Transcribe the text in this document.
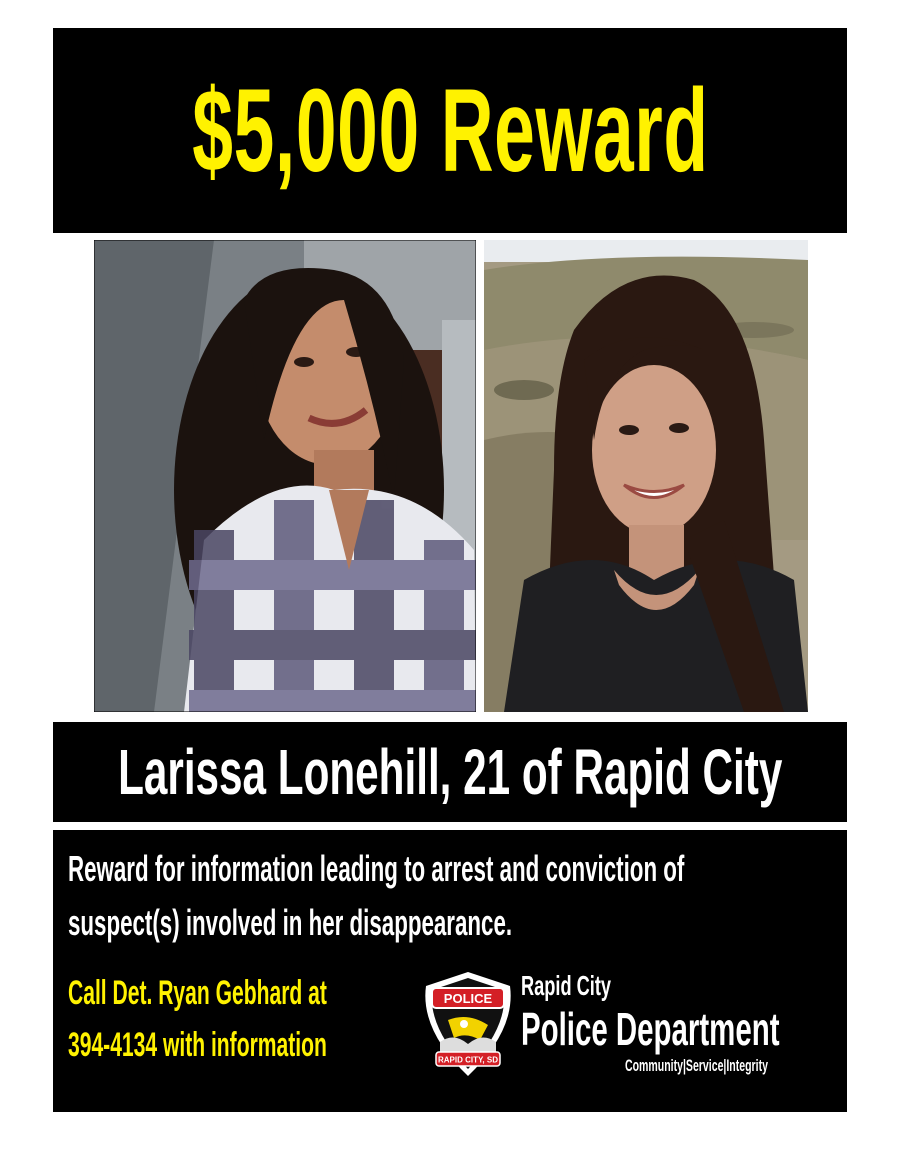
$5,000 Reward
Larissa Lonehill, 21 of Rapid City
Reward for information leading to arrest and conviction of
suspect(s) involved in her disappearance.
Call Det. Ryan Gebhard at
394-4134 with information
POLICE
RAPID CITY, SD
Rapid City
Police Department
Community|Service|Integrity
